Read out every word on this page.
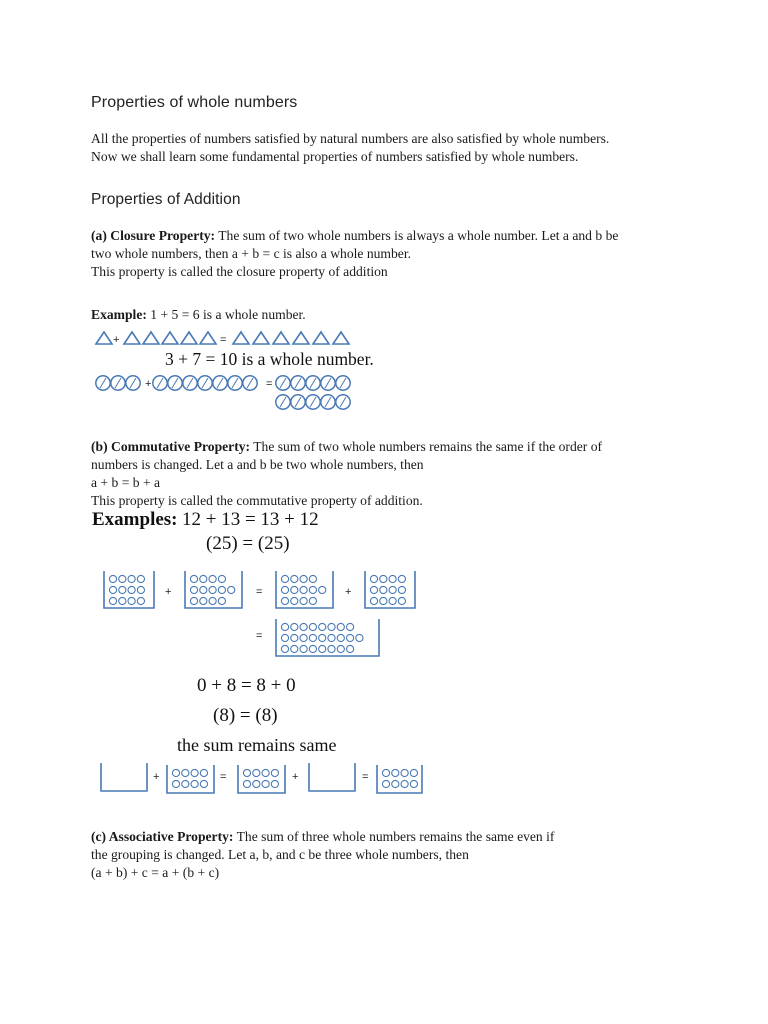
Properties of whole numbers
All the properties of numbers satisfied by natural numbers are also satisfied by whole numbers.
Now we shall learn some fundamental properties of numbers satisfied by whole numbers.
Properties of Addition
(a) Closure Property: The sum of two whole numbers is always a whole number. Let a and b be
two whole numbers, then a + b = c is also a whole number.
This property is called the closure property of addition
Example: 1 + 5 = 6 is a whole number.
+	=
+	=
3 + 7 = 10 is a whole number.
(b) Commutative Property: The sum of two whole numbers remains the same if the order of
numbers is changed. Let a and b be two whole numbers, then
a + b = b + a
This property is called the commutative property of addition.
Examples: 12 + 13 = 13 + 12
(25) = (25)
0 + 8 = 8 + 0
(8) = (8)
the sum remains same
+	=	+
=
+	=	+	=
(c) Associative Property: The sum of three whole numbers remains the same even if
the grouping is changed. Let a, b, and c be three whole numbers, then
(a + b) + c = a + (b + c)
